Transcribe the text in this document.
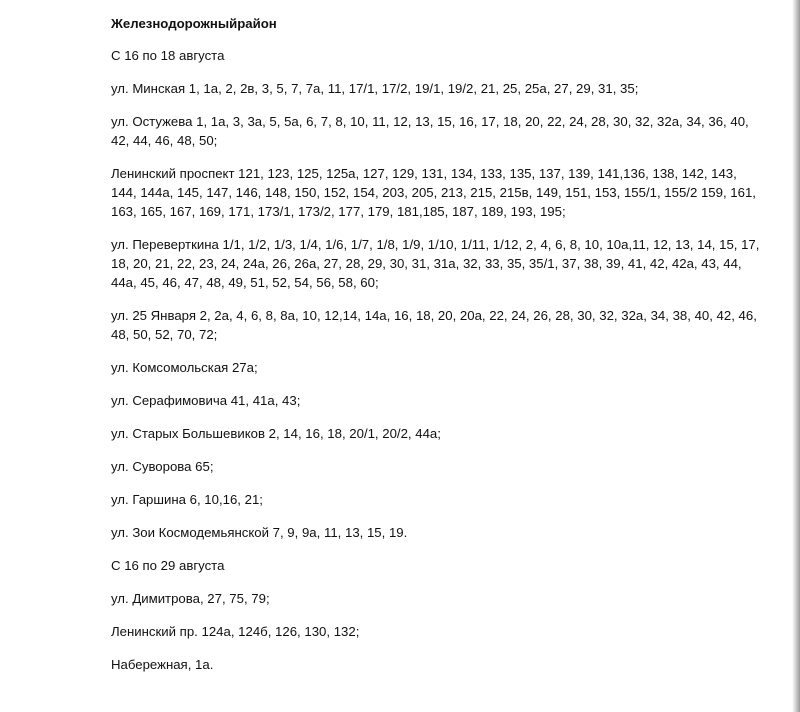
Железнодорожныйрайон

С 16 по 18 августа

ул. Минская 1, 1а, 2, 2в, 3, 5, 7, 7а, 11, 17/1, 17/2, 19/1, 19/2, 21, 25, 25а, 27, 29, 31, 35;

ул. Остужева 1, 1а, 3, 3а, 5, 5а, 6, 7, 8, 10, 11, 12, 13, 15, 16, 17, 18, 20, 22, 24, 28, 30, 32, 32а, 34, 36, 40, 42, 44, 46, 48, 50;

Ленинский проспект 121, 123, 125, 125а, 127, 129, 131, 134, 133, 135, 137, 139, 141,136, 138, 142, 143, 144, 144а, 145, 147, 146, 148, 150, 152, 154, 203, 205, 213, 215, 215в, 149, 151, 153, 155/1, 155/2 159, 161, 163, 165, 167, 169, 171, 173/1, 173/2, 177, 179, 181,185, 187, 189, 193, 195;

ул. Переверткина 1/1, 1/2, 1/3, 1/4, 1/6, 1/7, 1/8, 1/9, 1/10, 1/11, 1/12, 2, 4, 6, 8, 10, 10а,11, 12, 13, 14, 15, 17, 18, 20, 21, 22, 23, 24, 24а, 26, 26а, 27, 28, 29, 30, 31, 31а, 32, 33, 35, 35/1, 37, 38, 39, 41, 42, 42а, 43, 44, 44а, 45, 46, 47, 48, 49, 51, 52, 54, 56, 58, 60;

ул. 25 Января 2, 2а, 4, 6, 8, 8а, 10, 12,14, 14а, 16, 18, 20, 20а, 22, 24, 26, 28, 30, 32, 32а, 34, 38, 40, 42, 46, 48, 50, 52, 70, 72;

ул. Комсомольская 27а;

ул. Серафимовича 41, 41а, 43;

ул. Старых Большевиков 2, 14, 16, 18, 20/1, 20/2, 44а;

ул. Суворова 65;

ул. Гаршина 6, 10,16, 21;

ул. Зои Космодемьянской 7, 9, 9а, 11, 13, 15, 19.

С 16 по 29 августа

ул. Димитрова, 27, 75, 79;

Ленинский пр. 124а, 124б, 126, 130, 132;

Набережная, 1а.
